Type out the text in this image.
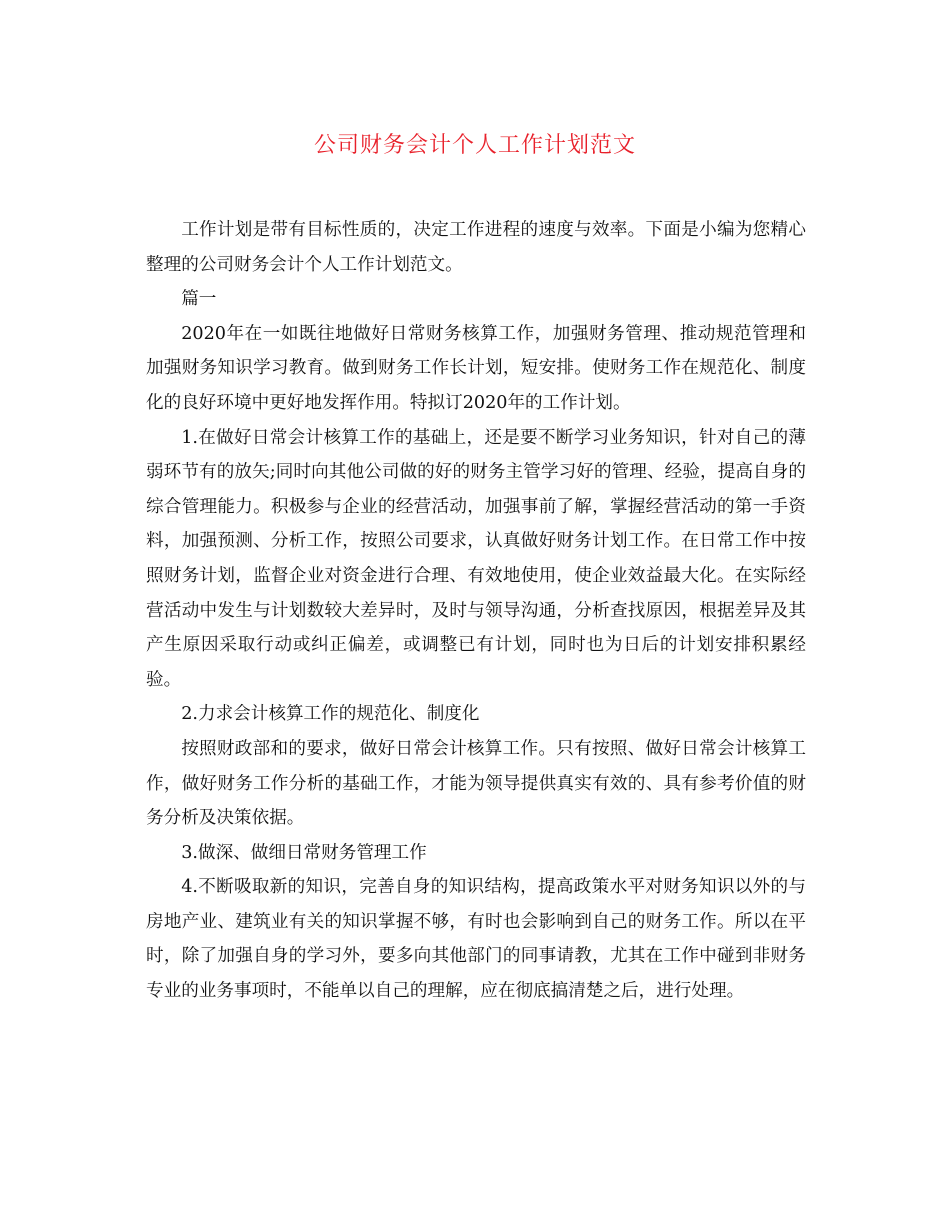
公司财务会计个人工作计划范文

工作计划是带有目标性质的，决定工作进程的速度与效率。下面是小编为您精心整理的公司财务会计个人工作计划范文。

篇一

2020年在一如既往地做好日常财务核算工作，加强财务管理、推动规范管理和加强财务知识学习教育。做到财务工作长计划，短安排。使财务工作在规范化、制度化的良好环境中更好地发挥作用。特拟订2020年的工作计划。

1.在做好日常会计核算工作的基础上，还是要不断学习业务知识，针对自己的薄弱环节有的放矢;同时向其他公司做的好的财务主管学习好的管理、经验，提高自身的综合管理能力。积极参与企业的经营活动，加强事前了解，掌握经营活动的第一手资料，加强预测、分析工作，按照公司要求，认真做好财务计划工作。在日常工作中按照财务计划，监督企业对资金进行合理、有效地使用，使企业效益最大化。在实际经营活动中发生与计划数较大差异时，及时与领导沟通，分析查找原因，根据差异及其产生原因采取行动或纠正偏差，或调整已有计划，同时也为日后的计划安排积累经验。

2.力求会计核算工作的规范化、制度化

按照财政部和的要求，做好日常会计核算工作。只有按照、做好日常会计核算工作，做好财务工作分析的基础工作，才能为领导提供真实有效的、具有参考价值的财务分析及决策依据。

3.做深、做细日常财务管理工作

4.不断吸取新的知识，完善自身的知识结构，提高政策水平对财务知识以外的与房地产业、建筑业有关的知识掌握不够，有时也会影响到自己的财务工作。所以在平时，除了加强自身的学习外，要多向其他部门的同事请教，尤其在工作中碰到非财务专业的业务事项时，不能单以自己的理解，应在彻底搞清楚之后，进行处理。
